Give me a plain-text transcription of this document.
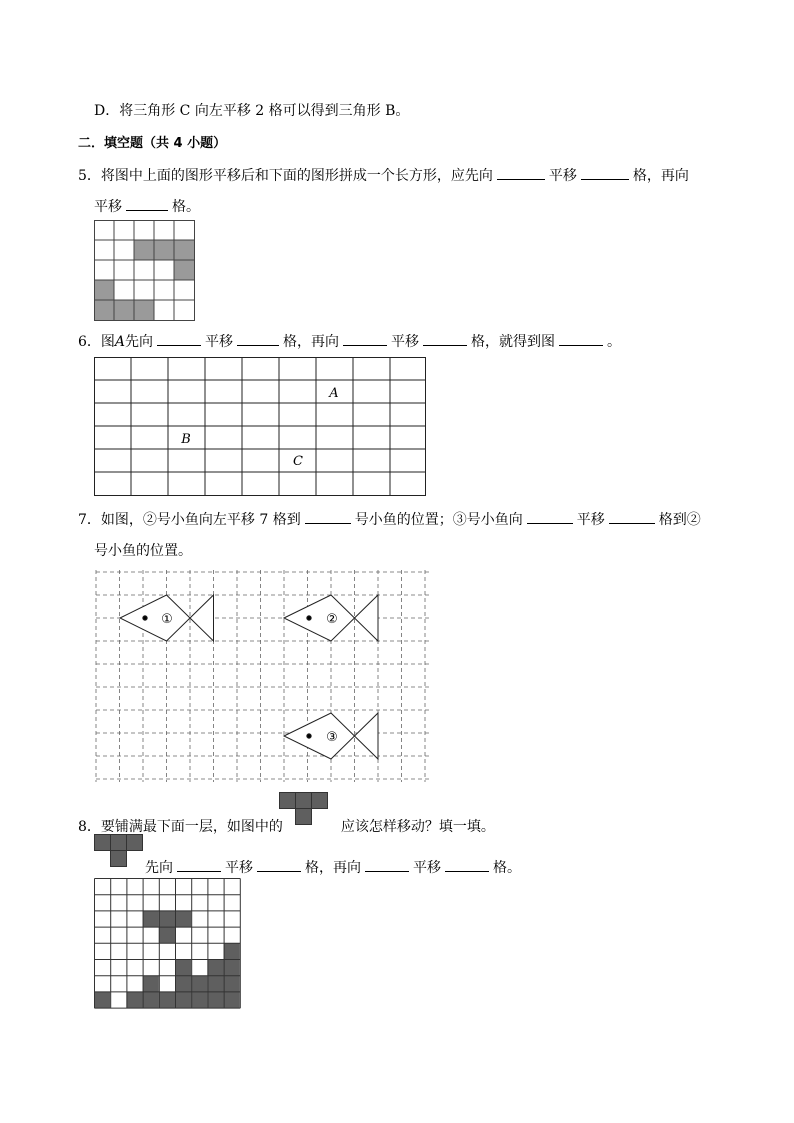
D．将三角形 C 向左平移 2 格可以得到三角形 B。
二．填空题（共 4 小题）
5．将图中上面的图形平移后和下面的图形拼成一个长方形，应先向	平移	格，再向
平移	格。
6．图A先向	平移	格，再向	平移	格，就得到图	。
A
B
C
7．如图，②号小鱼向左平移 7 格到	号小鱼的位置；③号小鱼向	平移	格到②
号小鱼的位置。
①	②
③
8．要铺满最下面一层，如图中的	应该怎样移动？填一填。
先向	平移	格，再向	平移	格。
